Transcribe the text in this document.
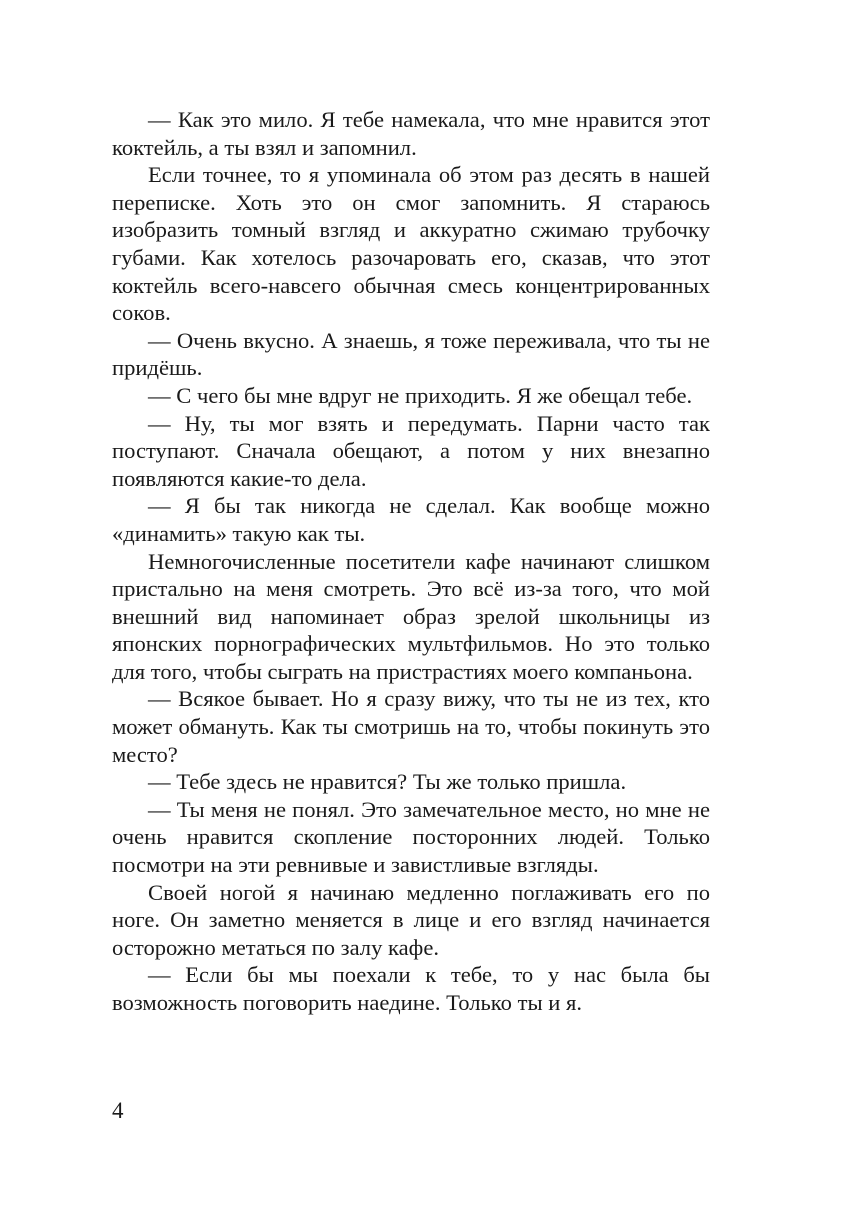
— Как это мило. Я тебе намекала, что мне нравится этот коктейль, а ты взял и запомнил.

Если точнее, то я упоминала об этом раз десять в нашей переписке. Хоть это он смог запомнить. Я стараюсь изобразить томный взгляд и аккуратно сжимаю трубочку губами. Как хотелось разочаровать его, сказав, что этот коктейль всего-навсего обычная смесь концентрированных соков.

— Очень вкусно. А знаешь, я тоже переживала, что ты не придёшь.

— С чего бы мне вдруг не приходить. Я же обещал тебе.

— Ну, ты мог взять и передумать. Парни часто так поступают. Сначала обещают, а потом у них внезапно появляются какие-то дела.

— Я бы так никогда не сделал. Как вообще можно «динамить» такую как ты.

Немногочисленные посетители кафе начинают слишком пристально на меня смотреть. Это всё из-за того, что мой внешний вид напоминает образ зрелой школьницы из японских порнографических мультфильмов. Но это только для того, чтобы сыграть на пристрастиях моего компаньона.

— Всякое бывает. Но я сразу вижу, что ты не из тех, кто может обмануть. Как ты смотришь на то, чтобы покинуть это место?

— Тебе здесь не нравится? Ты же только пришла.

— Ты меня не понял. Это замечательное место, но мне не очень нравится скопление посторонних людей. Только посмотри на эти ревнивые и завистливые взгляды.

Своей ногой я начинаю медленно поглаживать его по ноге. Он заметно меняется в лице и его взгляд начинается осторожно метаться по залу кафе.

— Если бы мы поехали к тебе, то у нас была бы возможность поговорить наедине. Только ты и я.

4
